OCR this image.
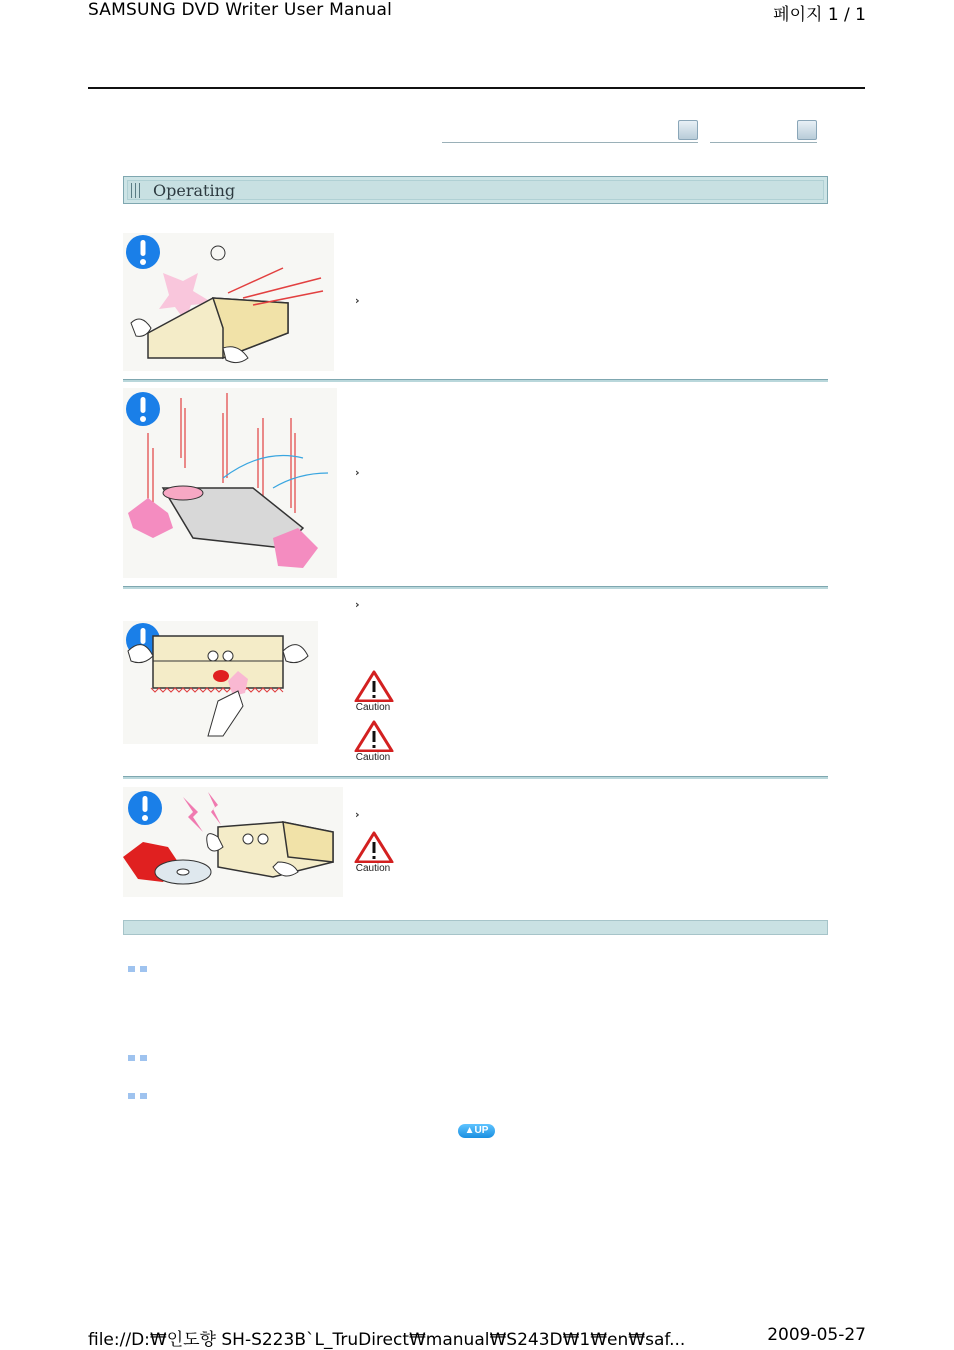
SAMSUNG DVD Writer User Manual	페이지 1 / 1
Operating
›
›
›
Caution
Caution
›
Caution
▲UP
file://D:₩인도향 SH-S223B`L_TruDirect₩manual₩S243D₩1₩en₩saf...	2009-05-27
